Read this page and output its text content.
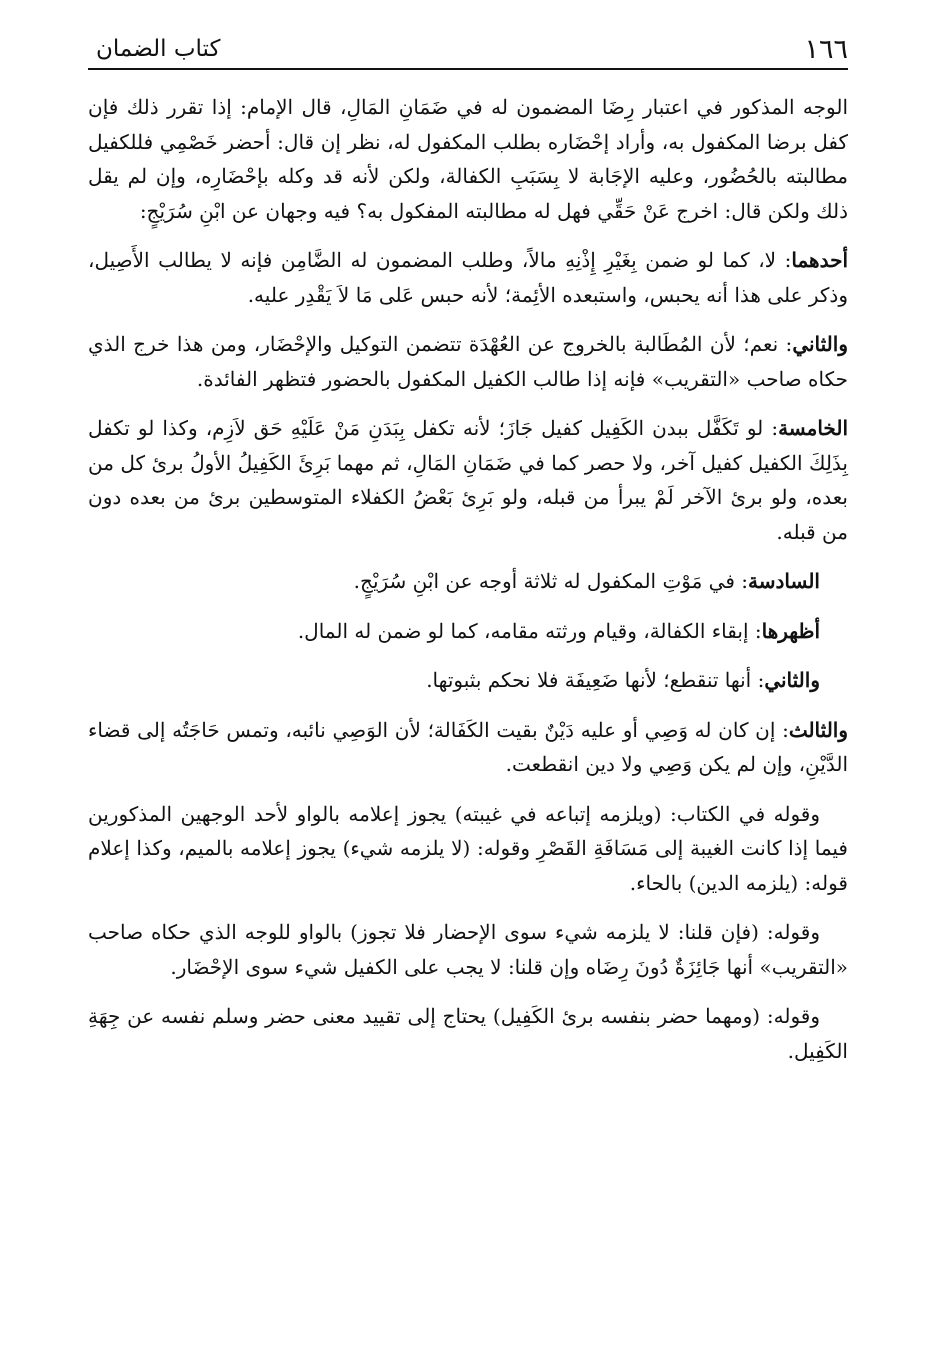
١٦٦
كتاب الضمان

الوجه المذكور في اعتبار رِضَا المضمون له في ضَمَانِ المَالِ، قال الإمام: إذا تقرر ذلك فإن كفل برضا المكفول به، وأراد إحْضَاره بطلب المكفول له، نظر إن قال: أحضر خَصْمِي فللكفيل مطالبته بالحُضُور، وعليه الإجَابة لا بِسَبَبِ الكفالة، ولكن لأنه قد وكله بإحْضَارِه، وإن لم يقل ذلك ولكن قال: اخرج عَنْ حَقِّي فهل له مطالبته المفكول به؟ فيه وجهان عن ابْنِ سُرَيْجٍ:

أحدهما: لا، كما لو ضمن بِغَيْرِ إِذْنِهِ مالاً، وطلب المضمون له الضَّامِن فإنه لا يطالب الأَصِيل، وذكر على هذا أنه يحبس، واستبعده الأئِمة؛ لأنه حبس عَلى مَا لاَ يَقْدِر عليه.

والثاني: نعم؛ لأن المُطَالبة بالخروج عن العُهْدَة تتضمن التوكيل والإحْضَار، ومن هذا خرج الذي حكاه صاحب «التقريب» فإنه إذا طالب الكفيل المكفول بالحضور فتظهر الفائدة.

الخامسة: لو تَكَفَّل ببدن الكَفِيل كفيل جَازَ؛ لأنه تكفل بِبَدَنِ مَنْ عَلَيْهِ حَق لاَزِم، وكذا لو تكفل بِذَلِكَ الكفيل كفيل آخر، ولا حصر كما في ضَمَانِ المَالِ، ثم مهما بَرِئَ الكَفِيلُ الأولُ برئ كل من بعده، ولو برئ الآخر لَمْ يبرأ من قبله، ولو بَرِئ بَعْضُ الكفلاء المتوسطين برئ من بعده دون من قبله.

السادسة: في مَوْتِ المكفول له ثلاثة أوجه عن ابْنِ سُرَيْجٍ.

أظهرها: إبقاء الكفالة، وقيام ورثته مقامه، كما لو ضمن له المال.

والثاني: أنها تنقطع؛ لأنها ضَعِيفَة فلا نحكم بثبوتها.

والثالث: إن كان له وَصِي أو عليه دَيْنٌ بقيت الكَفَالة؛ لأن الوَصِي نائبه، وتمس حَاجَتُه إلى قضاء الدَّيْنِ، وإن لم يكن وَصِي ولا دين انقطعت.

وقوله في الكتاب: (ويلزمه إتباعه في غيبته) يجوز إعلامه بالواو لأحد الوجهين المذكورين فيما إذا كانت الغيبة إلى مَسَافَةِ القَصْرِ وقوله: (لا يلزمه شيء) يجوز إعلامه بالميم، وكذا إعلام قوله: (يلزمه الدين) بالحاء.

وقوله: (فإن قلنا: لا يلزمه شيء سوى الإحضار فلا تجوز) بالواو للوجه الذي حكاه صاحب «التقريب» أنها جَائِزَةٌ دُونَ رِضَاه وإن قلنا: لا يجب على الكفيل شيء سوى الإحْضَار.

وقوله: (ومهما حضر بنفسه برئ الكَفِيل) يحتاج إلى تقييد معنى حضر وسلم نفسه عن جِهَةِ الكَفِيل.
